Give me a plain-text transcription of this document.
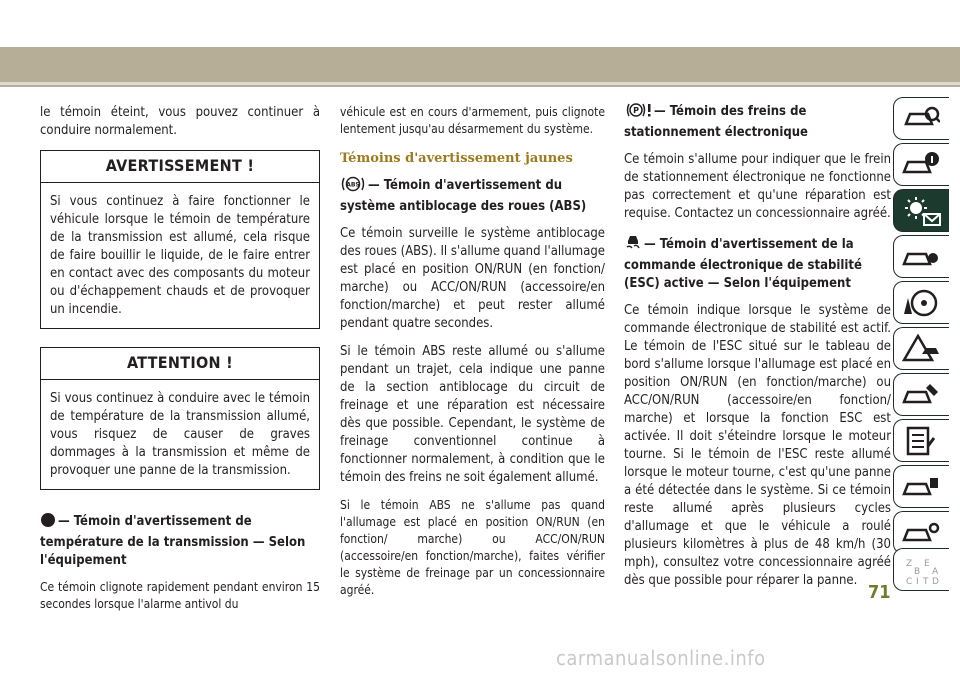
le témoin éteint, vous pouvez continuer à conduire normalement.

AVERTISSEMENT !
Si vous continuez à faire fonctionner le véhicule lorsque le témoin de température de la transmission est allumé, cela risque de faire bouillir le liquide, de le faire entrer en contact avec des composants du moteur ou d'échappement chauds et de provoquer un incendie.
ATTENTION !
Si vous continuez à conduire avec le témoin de température de la transmission allumé, vous risquez de causer de graves dommages à la transmission et même de provoquer une panne de la transmission.
— Témoin d'avertissement de température de la transmission — Selon l'équipement

Ce témoin clignote rapidement pendant environ 15 secondes lorsque l'alarme antivol du

véhicule est en cours d'armement, puis clignote lentement jusqu'au désarmement du système.

Témoins d'avertissement jaunes
ABS — Témoin d'avertissement du système antiblocage des roues (ABS)

Ce témoin surveille le système antiblocage des roues (ABS). Il s'allume quand l'allumage est placé en position ON/RUN (en fonction/ marche) ou ACC/ON/RUN (accessoire/en fonction/marche) et peut rester allumé pendant quatre secondes.

Si le témoin ABS reste allumé ou s'allume pendant un trajet, cela indique une panne de la section antiblocage du circuit de freinage et une réparation est nécessaire dès que possible. Cependant, le système de freinage conventionnel continue à fonctionner normalement, à condition que le témoin des freins ne soit également allumé.

Si le témoin ABS ne s'allume pas quand l'allumage est placé en position ON/RUN (en fonction/ marche) ou ACC/ON/RUN (accessoire/en fonction/marche), faites vérifier le système de freinage par un concessionnaire agréé.

P — Témoin des freins de stationnement électronique

Ce témoin s'allume pour indiquer que le frein de stationnement électronique ne fonctionne pas correctement et qu'une réparation est requise. Contactez un concessionnaire agréé.

— Témoin d'avertissement de la commande électronique de stabilité (ESC) active — Selon l'équipement

Ce témoin indique lorsque le système de commande électronique de stabilité est actif. Le témoin de l'ESC situé sur le tableau de bord s'allume lorsque l'allumage est placé en position ON/RUN (en fonction/marche) ou ACC/ON/RUN (accessoire/en fonction/ marche) et lorsque la fonction ESC est activée. Il doit s'éteindre lorsque le moteur tourne. Si le témoin de l'ESC reste allumé lorsque le moteur tourne, c'est qu'une panne a été détectée dans le système. Si ce témoin reste allumé après plusieurs cycles d'allumage et que le véhicule a roulé plusieurs kilomètres à plus de 48 km/h (30 mph), consultez votre concessionnaire agréé dès que possible pour réparer la panne.

Z E
A
B
D
C I T
71
carmanualsonline.info
